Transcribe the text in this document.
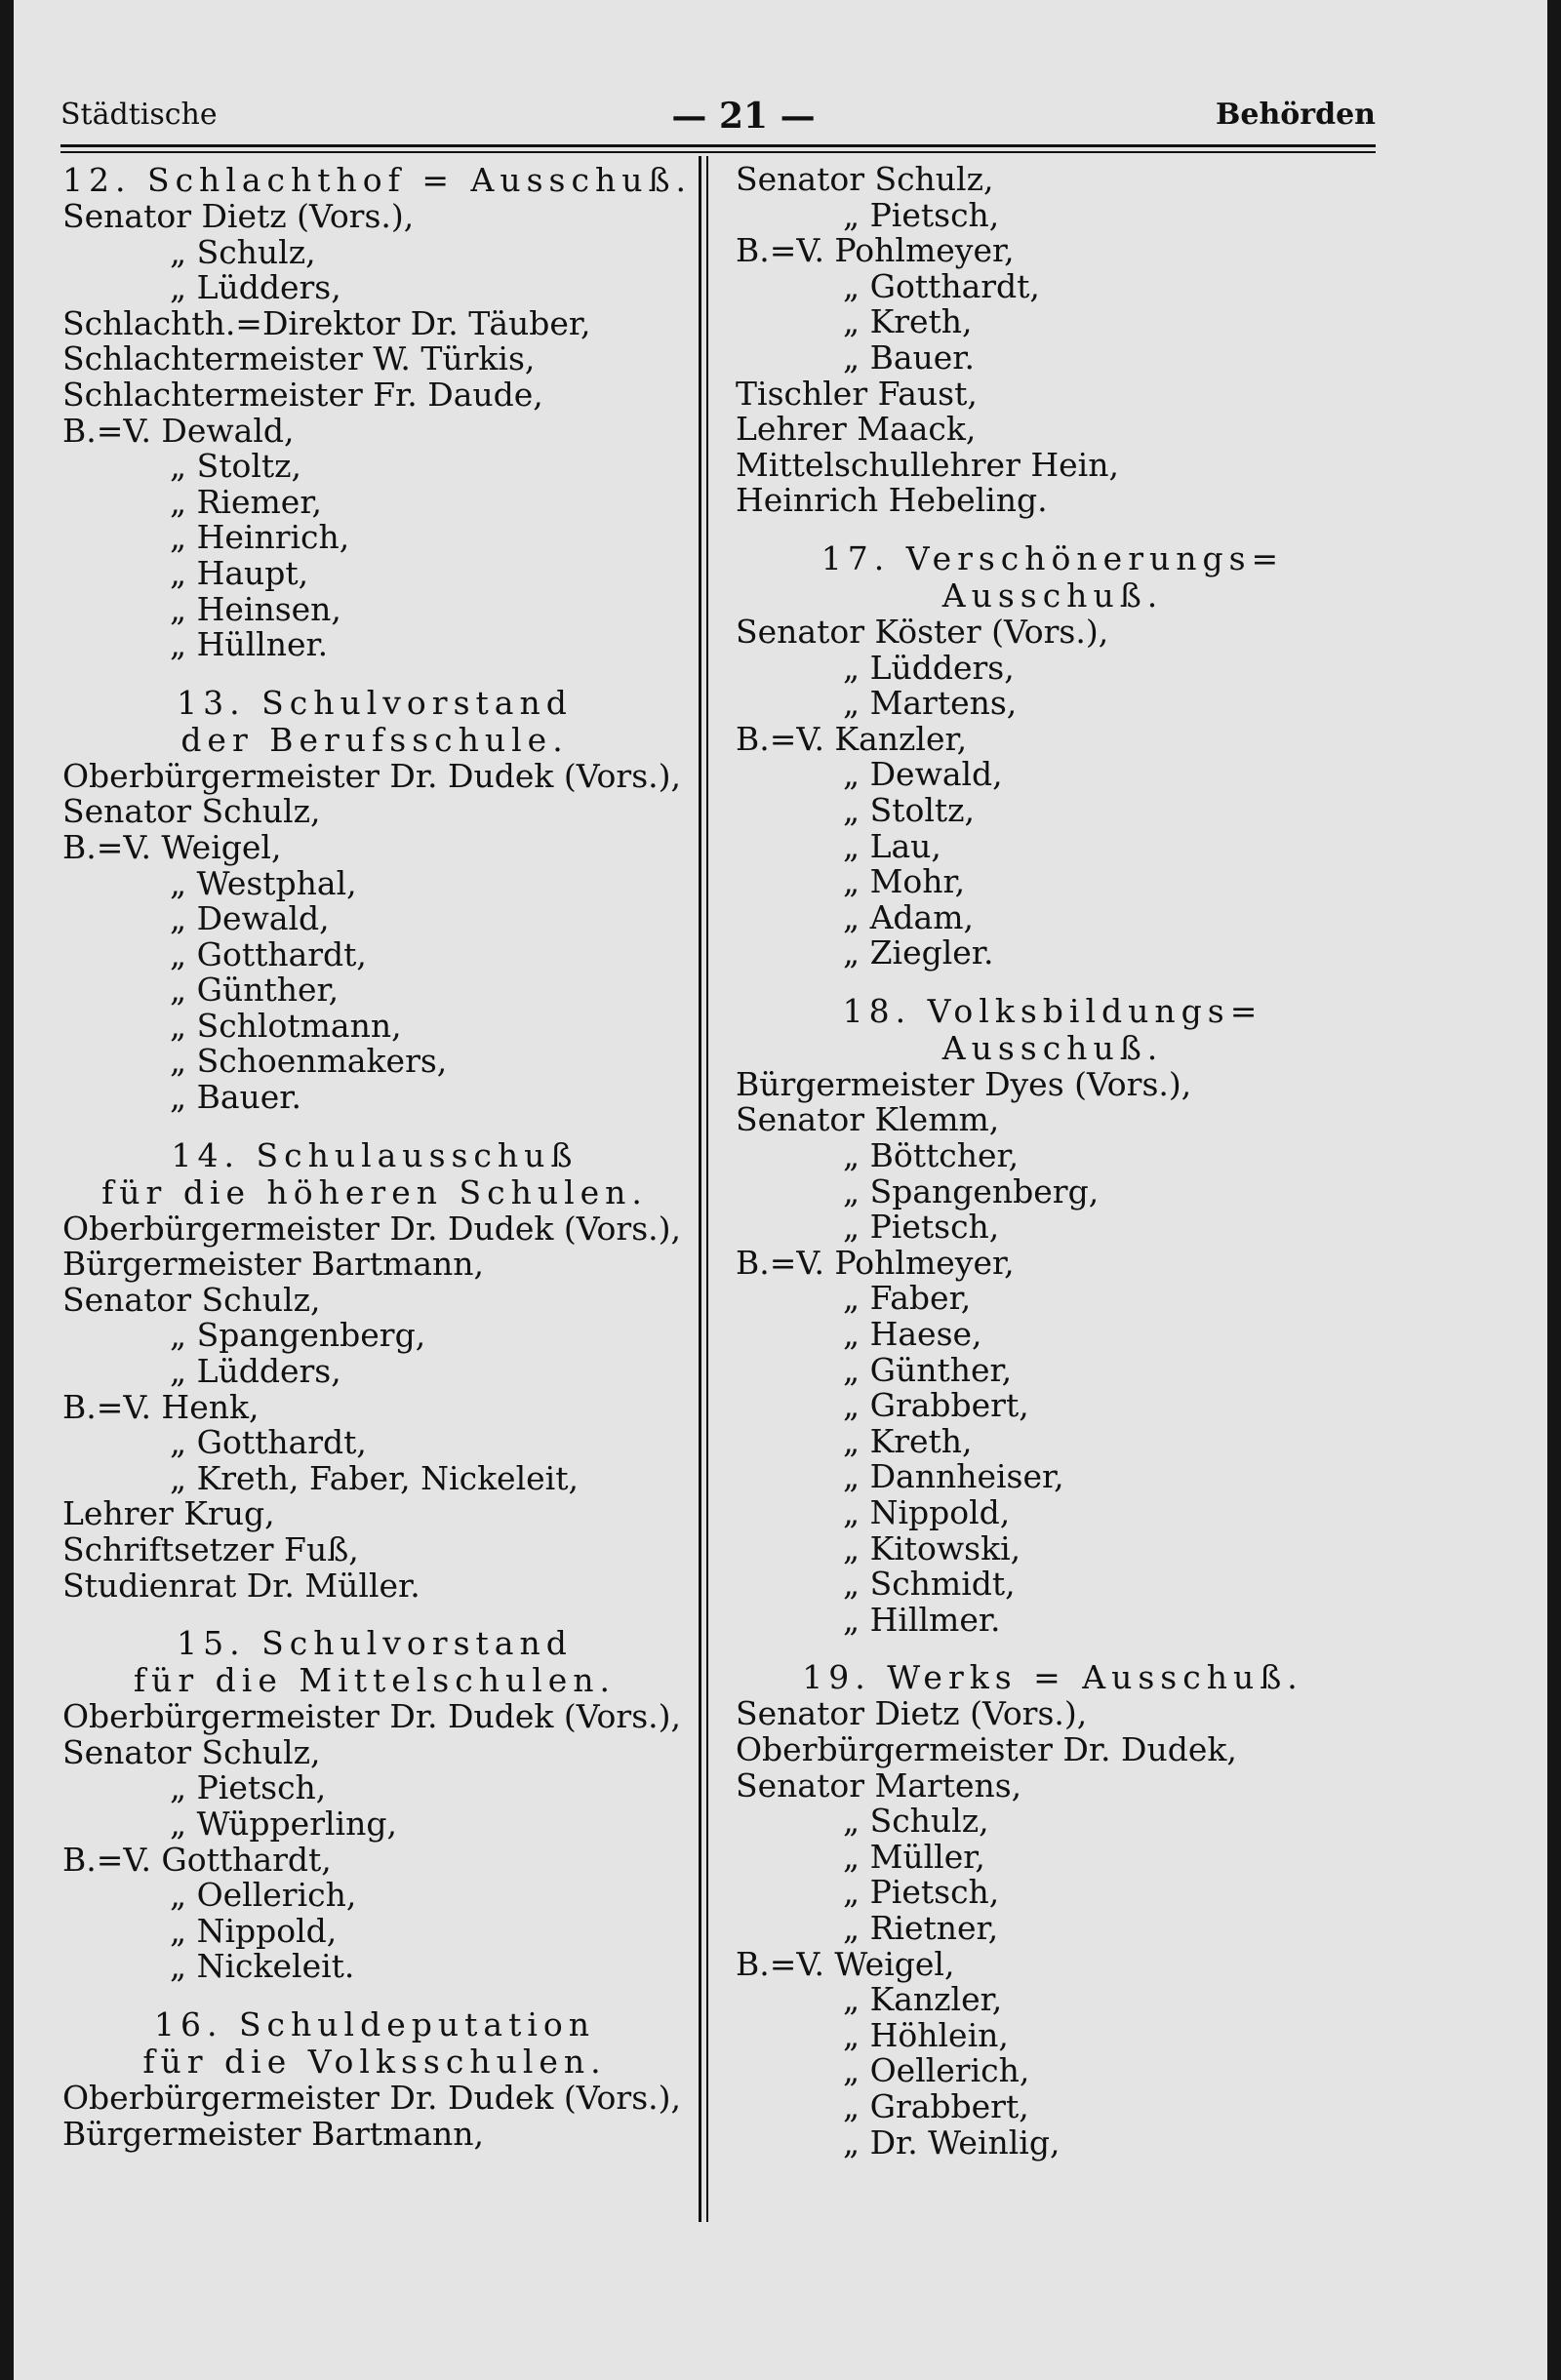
Städtische	— 21 —	Behörden
12. Schlachthof = Ausschuß.
Senator Dietz (Vors.),
„ Schulz,
„ Lüdders,
Schlachth.=Direktor Dr. Täuber,
Schlachtermeister W. Türkis,
Schlachtermeister Fr. Daude,
B.=V. Dewald,
„ Stoltz,
„ Riemer,
„ Heinrich,
„ Haupt,
„ Heinsen,
„ Hüllner.
13. Schulvorstand
der Berufsschule.
Oberbürgermeister Dr. Dudek (Vors.),
Senator Schulz,
B.=V. Weigel,
„ Westphal,
„ Dewald,
„ Gotthardt,
„ Günther,
„ Schlotmann,
„ Schoenmakers,
„ Bauer.
14. Schulausschuß
für die höheren Schulen.
Oberbürgermeister Dr. Dudek (Vors.),
Bürgermeister Bartmann,
Senator Schulz,
„ Spangenberg,
„ Lüdders,
B.=V. Henk,
„ Gotthardt,
„ Kreth, Faber, Nickeleit,
Lehrer Krug,
Schriftsetzer Fuß,
Studienrat Dr. Müller.
15. Schulvorstand
für die Mittelschulen.
Oberbürgermeister Dr. Dudek (Vors.),
Senator Schulz,
„ Pietsch,
„ Wüpperling,
B.=V. Gotthardt,
„ Oellerich,
„ Nippold,
„ Nickeleit.
16. Schuldeputation
für die Volksschulen.
Oberbürgermeister Dr. Dudek (Vors.),
Bürgermeister Bartmann,
Senator Schulz,
„ Pietsch,
B.=V. Pohlmeyer,
„ Gotthardt,
„ Kreth,
„ Bauer.
Tischler Faust,
Lehrer Maack,
Mittelschullehrer Hein,
Heinrich Hebeling.
17. Verschönerungs=
Ausschuß.
Senator Köster (Vors.),
„ Lüdders,
„ Martens,
B.=V. Kanzler,
„ Dewald,
„ Stoltz,
„ Lau,
„ Mohr,
„ Adam,
„ Ziegler.
18. Volksbildungs=
Ausschuß.
Bürgermeister Dyes (Vors.),
Senator Klemm,
„ Böttcher,
„ Spangenberg,
„ Pietsch,
B.=V. Pohlmeyer,
„ Faber,
„ Haese,
„ Günther,
„ Grabbert,
„ Kreth,
„ Dannheiser,
„ Nippold,
„ Kitowski,
„ Schmidt,
„ Hillmer.
19. Werks = Ausschuß.
Senator Dietz (Vors.),
Oberbürgermeister Dr. Dudek,
Senator Martens,
„ Schulz,
„ Müller,
„ Pietsch,
„ Rietner,
B.=V. Weigel,
„ Kanzler,
„ Höhlein,
„ Oellerich,
„ Grabbert,
„ Dr. Weinlig,
